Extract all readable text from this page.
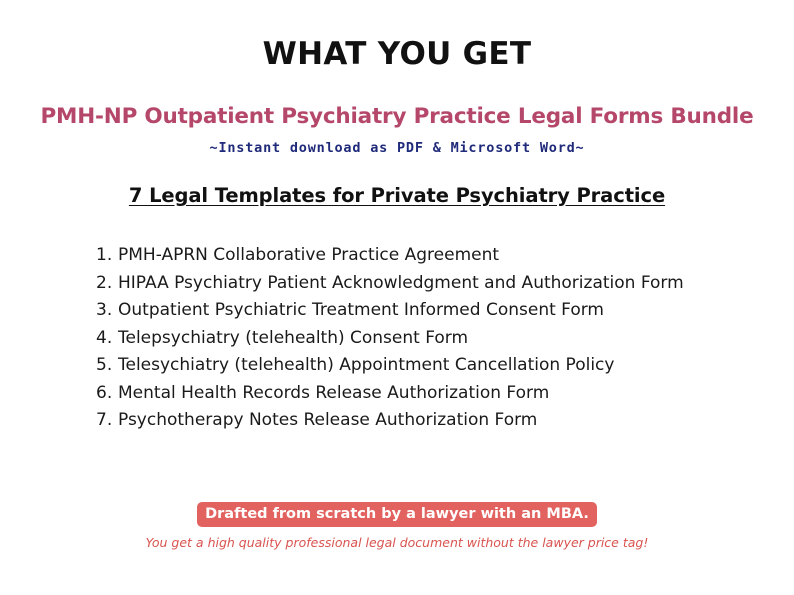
WHAT YOU GET
PMH-NP Outpatient Psychiatry Practice Legal Forms Bundle
~Instant download as PDF & Microsoft Word~
7 Legal Templates for Private Psychiatry Practice
1. PMH-APRN Collaborative Practice Agreement
2. HIPAA Psychiatry Patient Acknowledgment and Authorization Form
3. Outpatient Psychiatric Treatment Informed Consent Form
4. Telepsychiatry (telehealth) Consent Form
5. Telesychiatry (telehealth) Appointment Cancellation Policy
6. Mental Health Records Release Authorization Form
7. Psychotherapy Notes Release Authorization Form
Drafted from scratch by a lawyer with an MBA.
You get a high quality professional legal document without the lawyer price tag!
